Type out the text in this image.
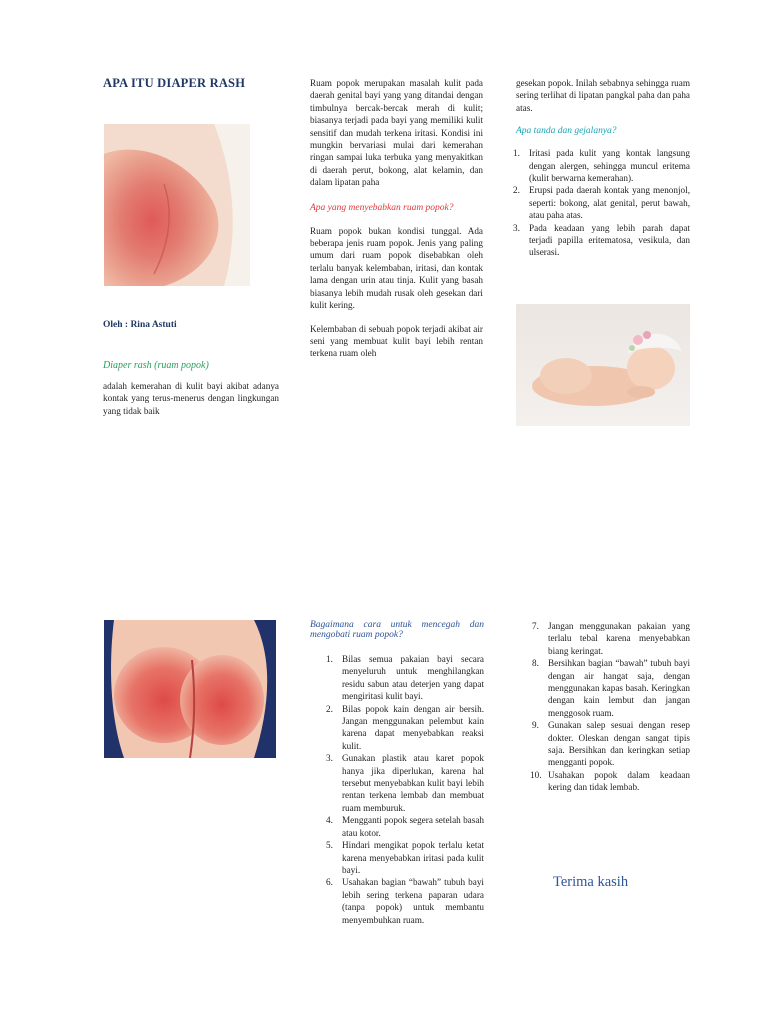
APA ITU DIAPER RASH

Oleh : Rina Astuti

Diaper rash (ruam popok)

adalah kemerahan di kulit bayi akibat adanya kontak yang terus-menerus dengan lingkungan yang tidak baik

Ruam popok merupakan masalah kulit pada daerah genital bayi yang yang ditandai dengan timbulnya bercak-bercak merah di kulit; biasanya terjadi pada bayi yang memiliki kulit sensitif dan mudah terkena iritasi. Kondisi ini mungkin bervariasi mulai dari kemerahan ringan sampai luka terbuka yang menyakitkan di daerah perut, bokong, alat kelamin, dan dalam lipatan paha

Apa yang menyebabkan ruam popok?

Ruam popok bukan kondisi tunggal. Ada beberapa jenis ruam popok. Jenis yang paling umum dari ruam popok disebabkan oleh terlalu banyak kelembaban, iritasi, dan kontak lama dengan urin atau tinja. Kulit yang basah biasanya lebih mudah rusak oleh gesekan dari kulit kering.

Kelembaban di sebuah popok terjadi akibat air seni yang membuat kulit bayi lebih rentan terkena ruam oleh

gesekan popok. Inilah sebabnya sehingga ruam sering terlihat di lipatan pangkal paha dan paha atas.

Apa tanda dan gejalanya?

1. Iritasi pada kulit yang kontak langsung dengan alergen, sehingga muncul eritema (kulit berwarna kemerahan).
2. Erupsi pada daerah kontak yang menonjol, seperti: bokong, alat genital, perut bawah, atau paha atas.
3. Pada keadaan yang lebih parah dapat terjadi papilla eritematosa, vesikula, dan ulserasi.

Bagaimana cara untuk mencegah dan mengobati ruam popok?

1. Bilas semua pakaian bayi secara menyeluruh untuk menghilangkan residu sabun atau deterjen yang dapat mengiritasi kulit bayi.
2. Bilas popok kain dengan air bersih. Jangan menggunakan pelembut kain karena dapat menyebabkan reaksi kulit.
3. Gunakan plastik atau karet popok hanya jika diperlukan, karena hal tersebut menyebabkan kulit bayi lebih rentan terkena lembab dan membuat ruam memburuk.
4. Mengganti popok segera setelah basah atau kotor.
5. Hindari mengikat popok terlalu ketat karena menyebabkan iritasi pada kulit bayi.
6. Usahakan bagian “bawah” tubuh bayi lebih sering terkena paparan udara (tanpa popok) untuk membantu menyembuhkan ruam.
7. Jangan menggunakan pakaian yang terlalu tebal karena menyebabkan biang keringat.
8. Bersihkan bagian “bawah” tubuh bayi dengan air hangat saja, dengan menggunakan kapas basah. Keringkan dengan kain lembut dan jangan menggosok ruam.
9. Gunakan salep sesuai dengan resep dokter. Oleskan dengan sangat tipis saja. Bersihkan dan keringkan setiap mengganti popok.
10. Usahakan popok dalam keadaan kering dan tidak lembab.
Terima kasih
